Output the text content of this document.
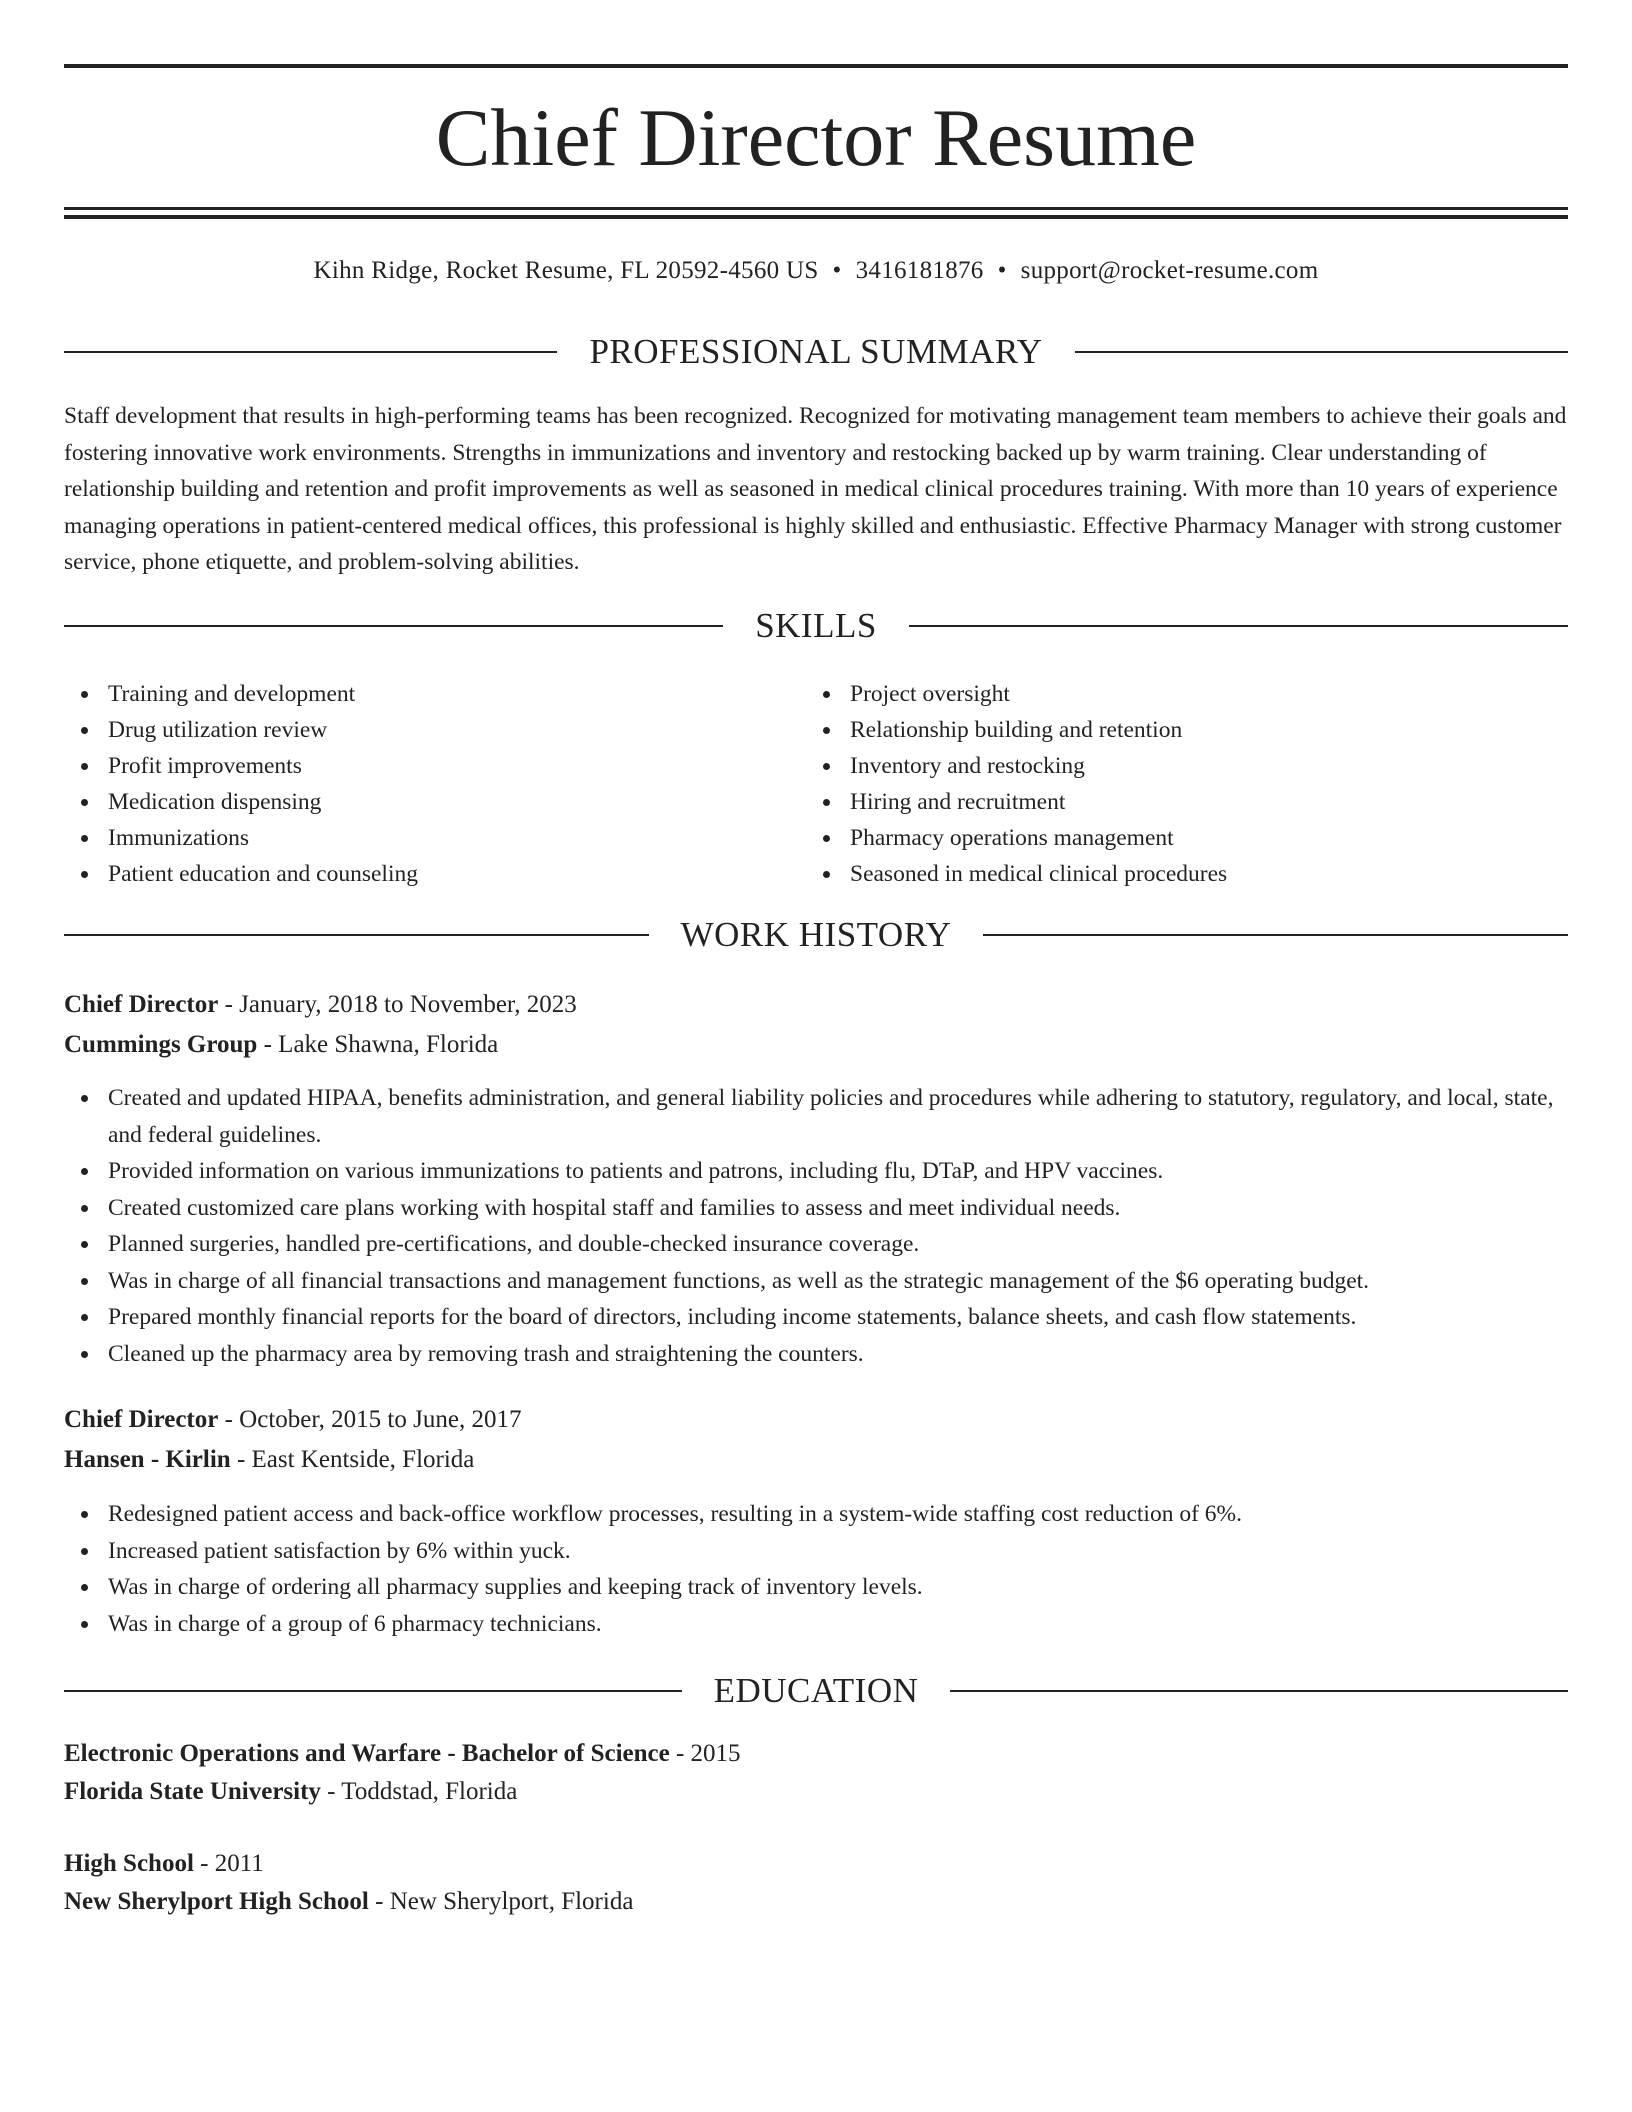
Chief Director Resume
Kihn Ridge, Rocket Resume, FL 20592-4560 US • 3416181876 • support@rocket-resume.com
PROFESSIONAL SUMMARY

Staff development that results in high-performing teams has been recognized. Recognized for motivating management team members to achieve their goals and fostering innovative work environments. Strengths in immunizations and inventory and restocking backed up by warm training. Clear understanding of relationship building and retention and profit improvements as well as seasoned in medical clinical procedures training. With more than 10 years of experience managing operations in patient-centered medical offices, this professional is highly skilled and enthusiastic. Effective Pharmacy Manager with strong customer service, phone etiquette, and problem-solving abilities.

SKILLS
Training and development
Drug utilization review
Profit improvements
Medication dispensing
Immunizations
Patient education and counseling
Project oversight
Relationship building and retention
Inventory and restocking
Hiring and recruitment
Pharmacy operations management
Seasoned in medical clinical procedures
WORK HISTORY
Chief Director - January, 2018 to November, 2023
Cummings Group - Lake Shawna, Florida
Created and updated HIPAA, benefits administration, and general liability policies and procedures while adhering to statutory, regulatory, and local, state, and federal guidelines.
Provided information on various immunizations to patients and patrons, including flu, DTaP, and HPV vaccines.
Created customized care plans working with hospital staff and families to assess and meet individual needs.
Planned surgeries, handled pre-certifications, and double-checked insurance coverage.
Was in charge of all financial transactions and management functions, as well as the strategic management of the $6 operating budget.
Prepared monthly financial reports for the board of directors, including income statements, balance sheets, and cash flow statements.
Cleaned up the pharmacy area by removing trash and straightening the counters.
Chief Director - October, 2015 to June, 2017
Hansen - Kirlin - East Kentside, Florida
Redesigned patient access and back-office workflow processes, resulting in a system-wide staffing cost reduction of 6%.
Increased patient satisfaction by 6% within yuck.
Was in charge of ordering all pharmacy supplies and keeping track of inventory levels.
Was in charge of a group of 6 pharmacy technicians.
EDUCATION
Electronic Operations and Warfare - Bachelor of Science - 2015
Florida State University - Toddstad, Florida
High School - 2011
New Sherylport High School - New Sherylport, Florida
